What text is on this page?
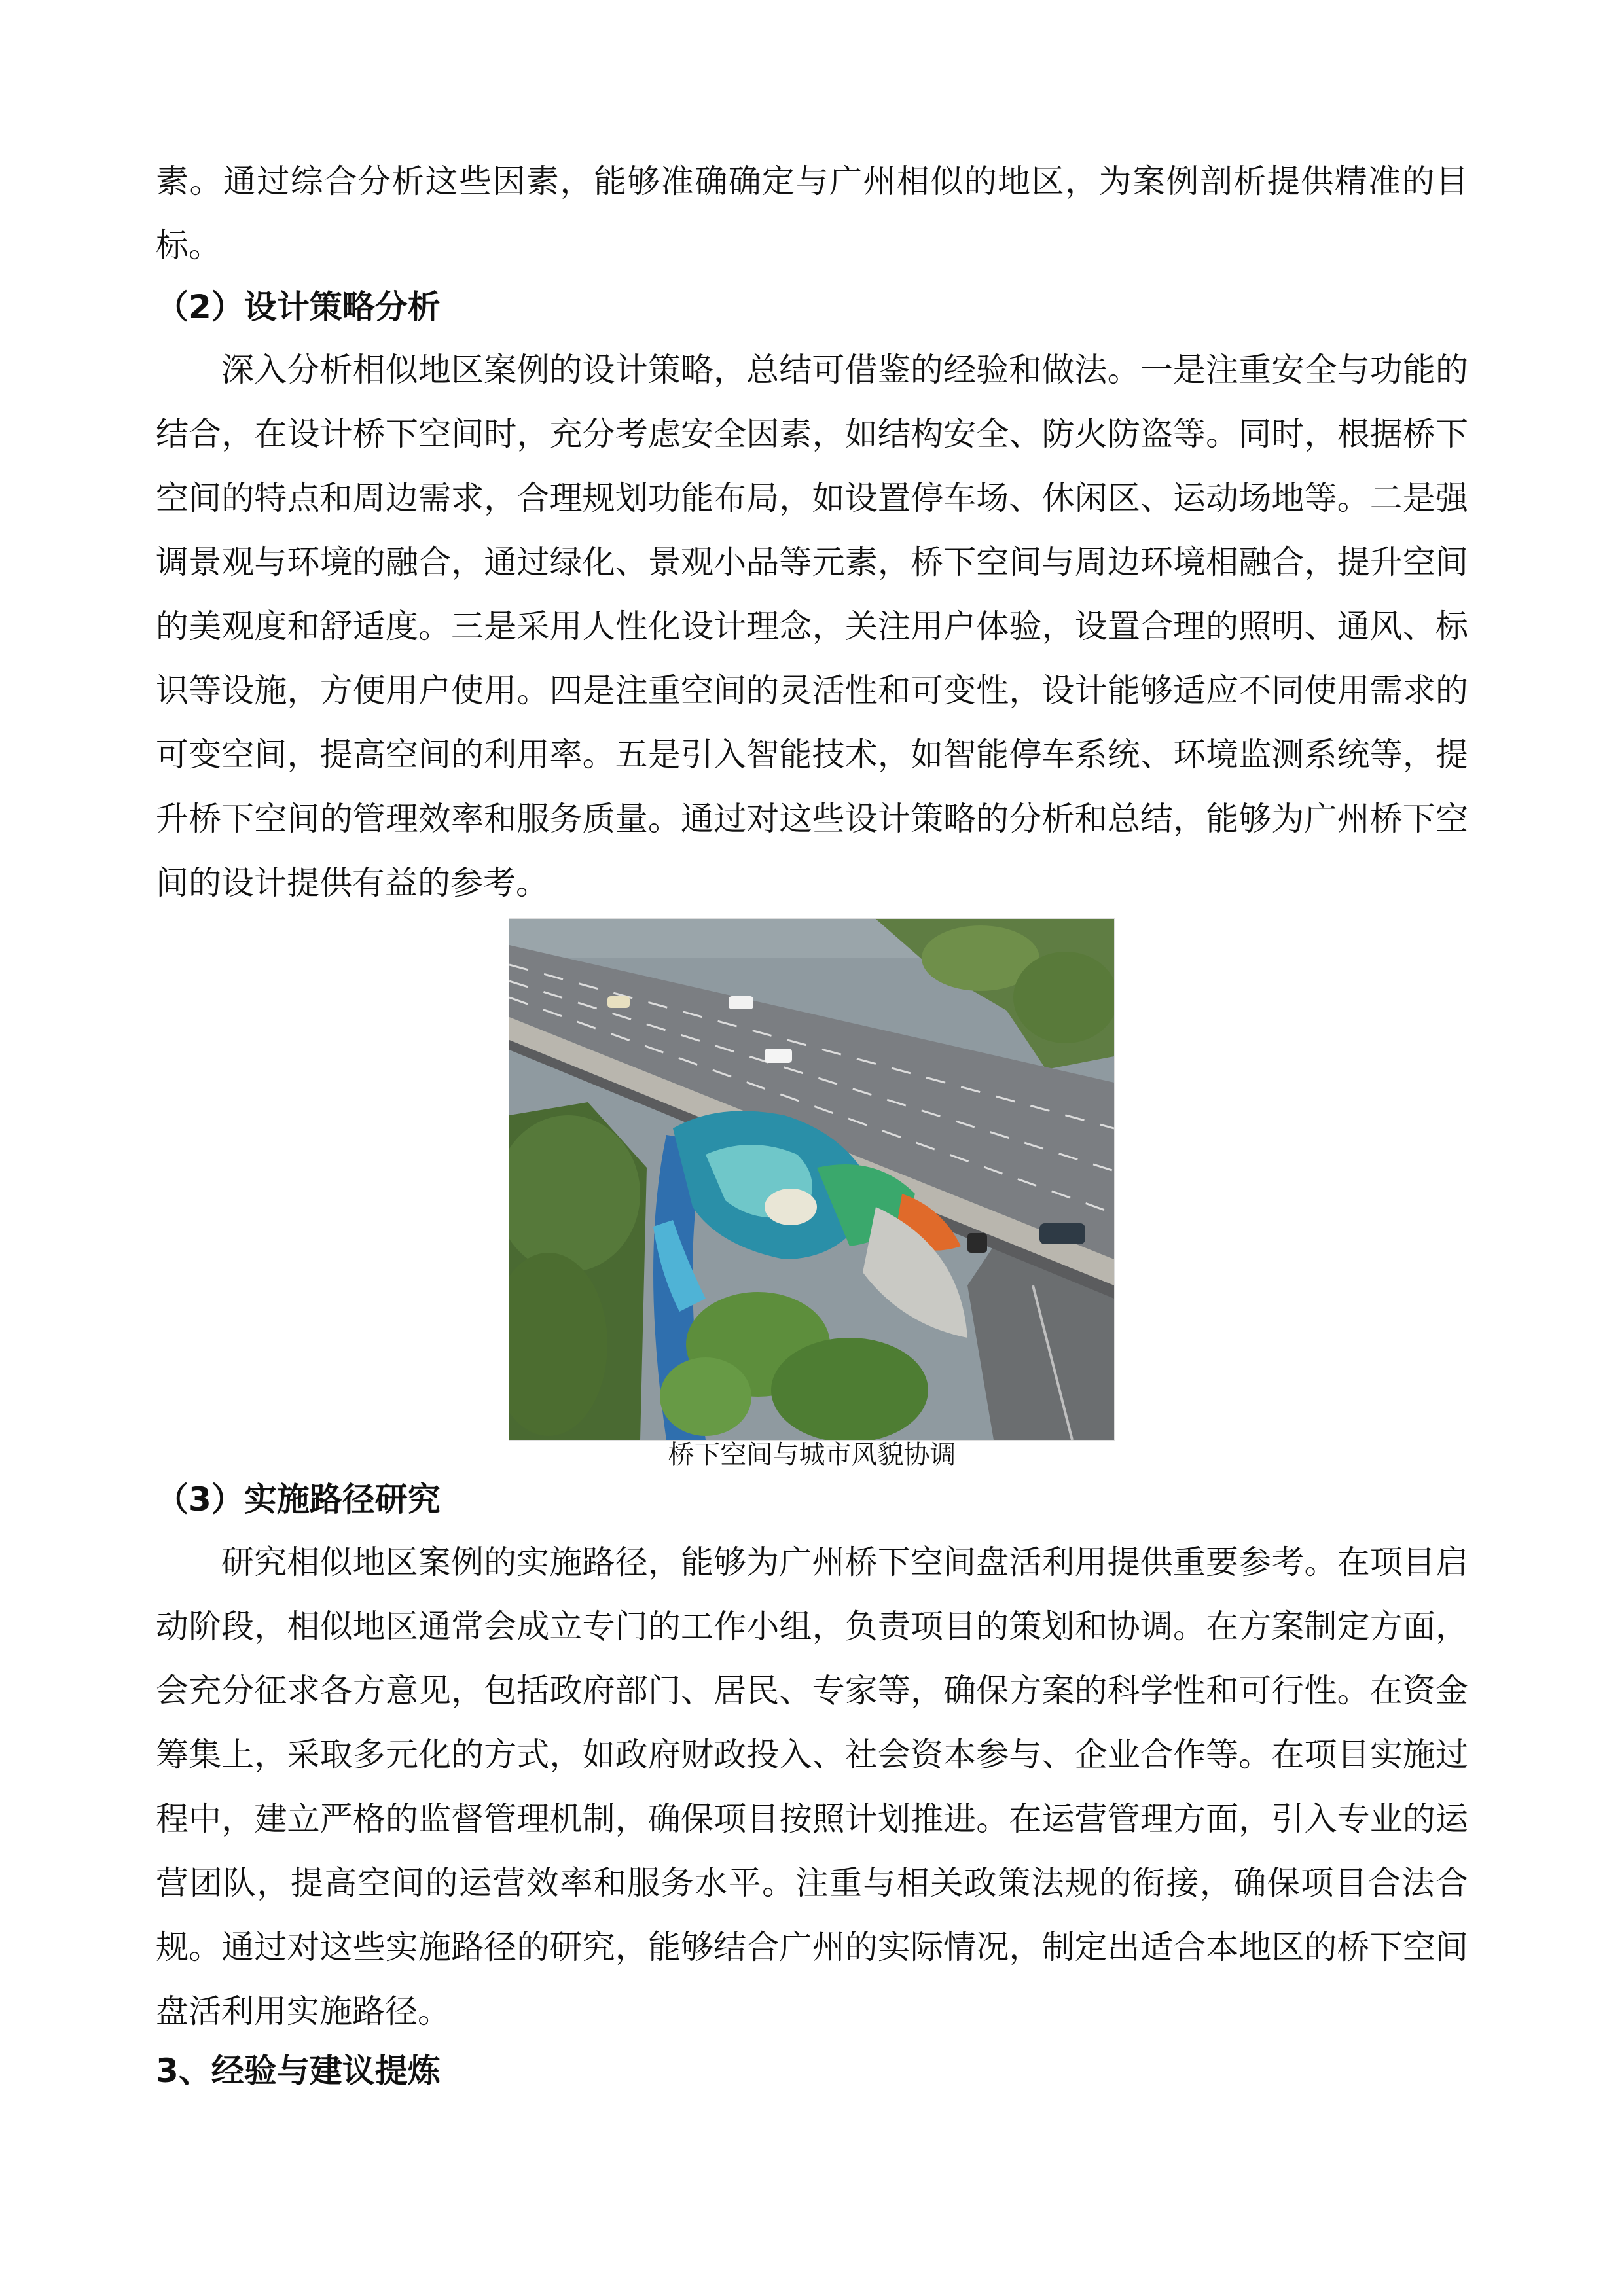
素。通过综合分析这些因素，能够准确确定与广州相似的地区，为案例剖析提供精准的目标。

（2）设计策略分析

深入分析相似地区案例的设计策略，总结可借鉴的经验和做法。一是注重安全与功能的结合，在设计桥下空间时，充分考虑安全因素，如结构安全、防火防盗等。同时，根据桥下空间的特点和周边需求，合理规划功能布局，如设置停车场、休闲区、运动场地等。二是强调景观与环境的融合，通过绿化、景观小品等元素，桥下空间与周边环境相融合，提升空间的美观度和舒适度。三是采用人性化设计理念，关注用户体验，设置合理的照明、通风、标识等设施，方便用户使用。四是注重空间的灵活性和可变性，设计能够适应不同使用需求的可变空间，提高空间的利用率。五是引入智能技术，如智能停车系统、环境监测系统等，提升桥下空间的管理效率和服务质量。通过对这些设计策略的分析和总结，能够为广州桥下空间的设计提供有益的参考。

桥下空间与城市风貌协调
（3）实施路径研究

研究相似地区案例的实施路径，能够为广州桥下空间盘活利用提供重要参考。在项目启动阶段，相似地区通常会成立专门的工作小组，负责项目的策划和协调。在方案制定方面，会充分征求各方意见，包括政府部门、居民、专家等，确保方案的科学性和可行性。在资金筹集上，采取多元化的方式，如政府财政投入、社会资本参与、企业合作等。在项目实施过程中，建立严格的监督管理机制，确保项目按照计划推进。在运营管理方面，引入专业的运营团队，提高空间的运营效率和服务水平。注重与相关政策法规的衔接，确保项目合法合规。通过对这些实施路径的研究，能够结合广州的实际情况，制定出适合本地区的桥下空间盘活利用实施路径。

3、经验与建议提炼
